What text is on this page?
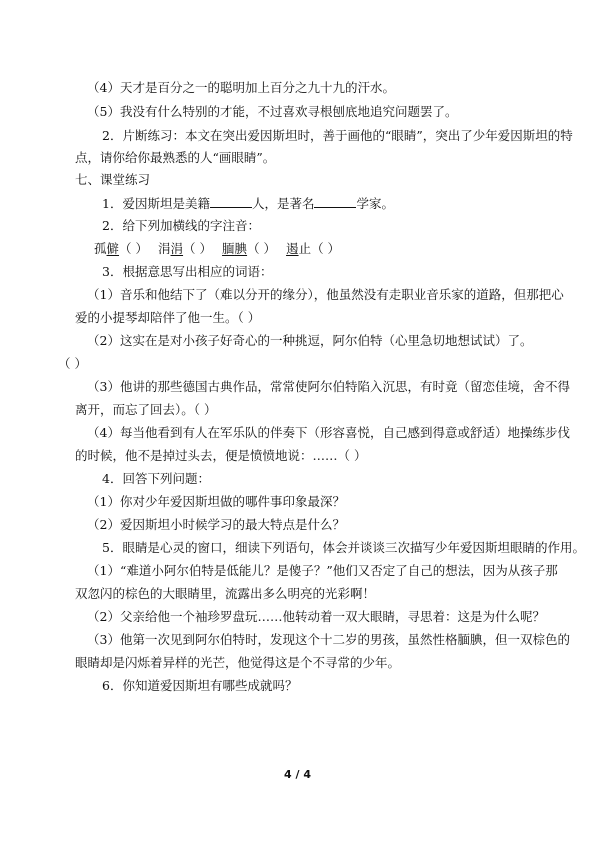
（4）天才是百分之一的聪明加上百分之九十九的汗水。
（5）我没有什么特别的才能，不过喜欢寻根刨底地追究问题罢了。
2．片断练习：本文在突出爱因斯坦时，善于画他的“眼睛”，突出了少年爱因斯坦的特
点，请你给你最熟悉的人“画眼睛”。
七、课堂练习
1．爱因斯坦是美籍	人，是著名	学家。
2．给下列加横线的字注音：
孤僻（ ） 涓涓（ ） 腼腆（ ） 遏止（ ）
3．根据意思写出相应的词语：
（1）音乐和他结下了（难以分开的缘分），他虽然没有走职业音乐家的道路，但那把心
爱的小提琴却陪伴了他一生。（ ）
（2）这实在是对小孩子好奇心的一种挑逗，阿尔伯特（心里急切地想试试）了。
（ ）
（3）他讲的那些德国古典作品，常常使阿尔伯特陷入沉思，有时竟（留恋佳境，舍不得
离开，而忘了回去）。（ ）
（4）每当他看到有人在军乐队的伴奏下（形容喜悦，自己感到得意或舒适）地操练步伐
的时候，他不是掉过头去，便是愤愤地说：……（ ）
4．回答下列问题：
（1）你对少年爱因斯坦做的哪件事印象最深？
（2）爱因斯坦小时候学习的最大特点是什么？
5．眼睛是心灵的窗口，细读下列语句，体会并谈谈三次描写少年爱因斯坦眼睛的作用。
（1）“难道小阿尔伯特是低能儿？是傻子？”他们又否定了自己的想法，因为从孩子那
双忽闪的棕色的大眼睛里，流露出多么明亮的光彩啊！
（2）父亲给他一个袖珍罗盘玩……他转动着一双大眼睛，寻思着：这是为什么呢？
（3）他第一次见到阿尔伯特时，发现这个十二岁的男孩，虽然性格腼腆，但一双棕色的
眼睛却是闪烁着异样的光芒，他觉得这是个不寻常的少年。
6．你知道爱因斯坦有哪些成就吗？
4 / 4
